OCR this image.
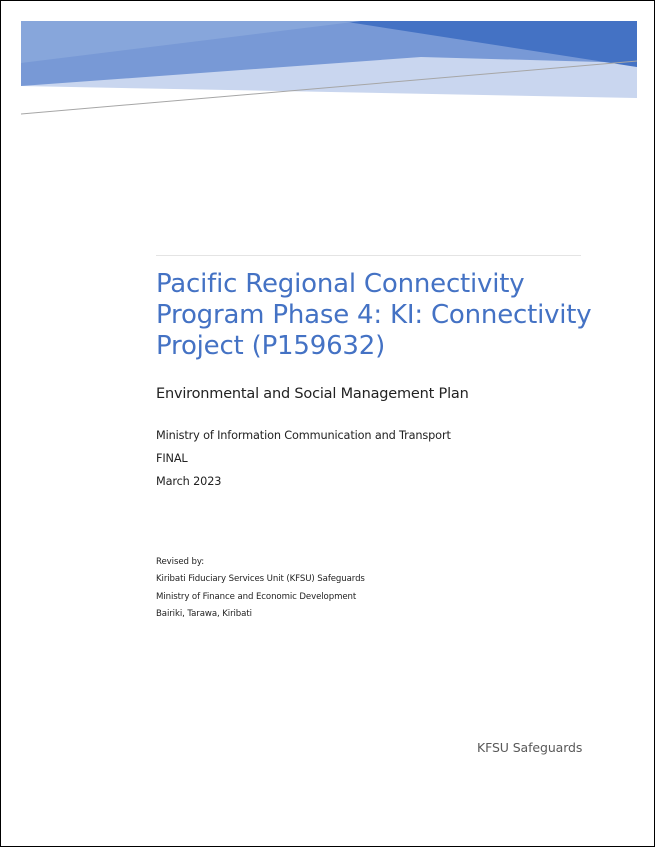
Pacific Regional Connectivity Program Phase 4: KI: Connectivity Project (P159632)
Environmental and Social Management Plan
Ministry of Information Communication and Transport
FINAL
March 2023
Revised by:
Kiribati Fiduciary Services Unit (KFSU) Safeguards
Ministry of Finance and Economic Development
Bairiki, Tarawa, Kiribati
KFSU Safeguards
